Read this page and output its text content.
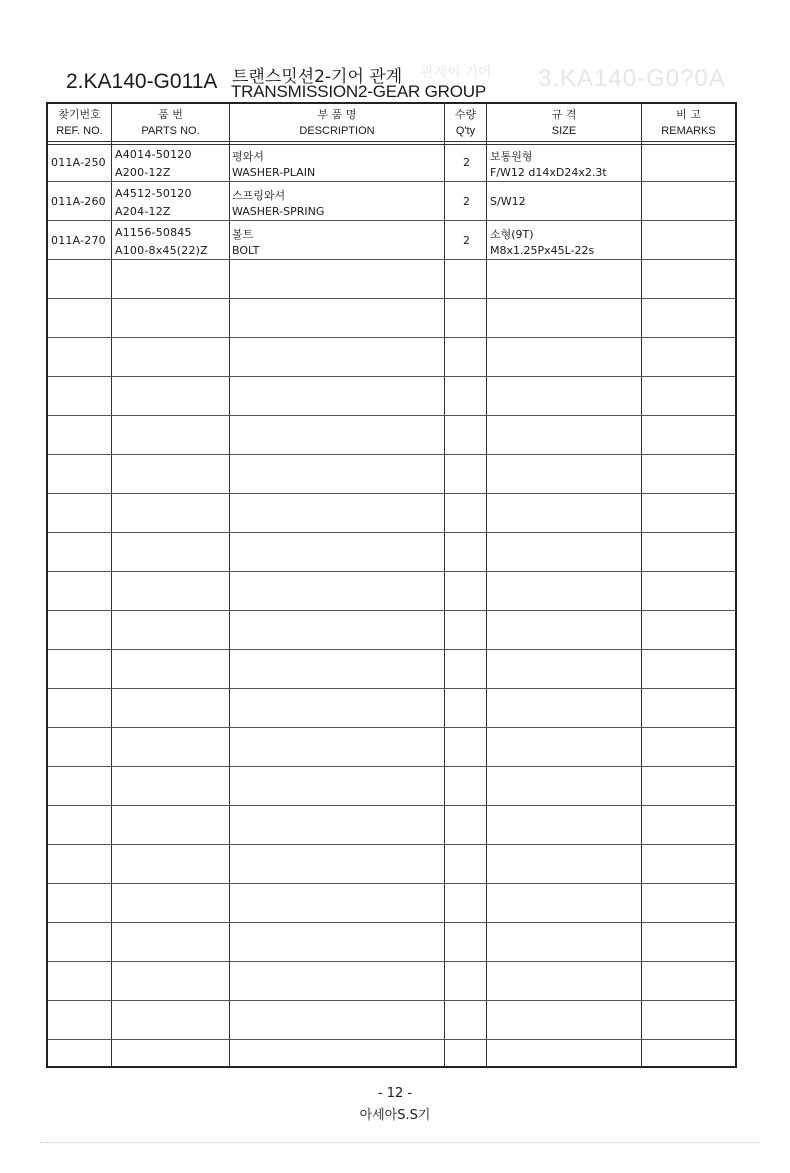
관계이 기어 3.KA140-G0?0A
2.KA140-G011A 트랜스밋션2-기어 관계
TRANSMISSION2-GEAR GROUP
찾기번호
REF. NO.
품 번
PARTS NO.
부 품 명
DESCRIPTION
수량
Q'ty
규 격
SIZE
비 고
REMARKS
011A-250
A4014-50120
A200-12Z
평와셔
WASHER-PLAIN
2 보통원형
F/W12 d14xD24x2.3t
011A-260
A4512-50120
A204-12Z
스프링와셔
WASHER-SPRING
2 S/W12
011A-270
A1156-50845
A100-8x45(22)Z
볼트
BOLT
2 소형(9T)
M8x1.25Px45L-22s
- 12 -
아세아S.S기
